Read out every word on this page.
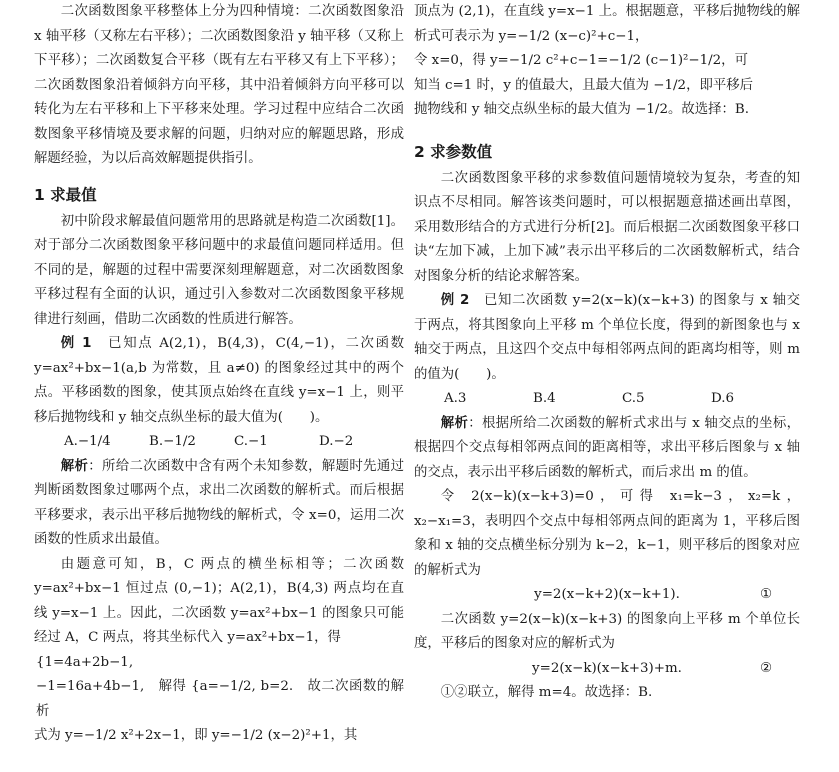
二次函数图象平移整体上分为四种情境：二次函数图象沿 x 轴平移（又称左右平移）；二次函数图象沿 y 轴平移（又称上下平移）；二次函数复合平移（既有左右平移又有上下平移）；二次函数图象沿着倾斜方向平移，其中沿着倾斜方向平移可以转化为左右平移和上下平移来处理。学习过程中应结合二次函数图象平移情境及要求解的问题，归纳对应的解题思路，形成解题经验，为以后高效解题提供指引。

1 求最值

初中阶段求解最值问题常用的思路就是构造二次函数[1]。对于部分二次函数图象平移问题中的求最值问题同样适用。但不同的是，解题的过程中需要深刻理解题意，对二次函数图象平移过程有全面的认识，通过引入参数对二次函数图象平移规律进行刻画，借助二次函数的性质进行解答。

例 1　 已知点 A(2,1)，B(4,3)，C(4,−1)，二次函数 y=ax²+bx−1(a,b 为常数，且 a≠0) 的图象经过其中的两个点。平移函数的图象，使其顶点始终在直线 y=x−1 上，则平移后抛物线和 y 轴交点纵坐标的最大值为(　　)。

A.−1/4	B.−1/2	C.−1	D.−2

解析：所给二次函数中含有两个未知参数，解题时先通过判断函数图象过哪两个点，求出二次函数的解析式。而后根据平移要求，表示出平移后抛物线的解析式，令 x=0，运用二次函数的性质求出最值。

由题意可知，B，C 两点的横坐标相等；二次函数 y=ax²+bx−1 恒过点 (0,−1)；A(2,1)，B(4,3) 两点均在直线 y=x−1 上。因此，二次函数 y=ax²+bx−1 的图象只可能经过 A，C 两点，将其坐标代入 y=ax²+bx−1，得

{1=4a+2b−1,
−1=16a+4b−1,　解得 {a=−1/2, b=2.　故二次函数的解析

式为 y=−1/2 x²+2x−1，即 y=−1/2 (x−2)²+1，其

顶点为 (2,1)，在直线 y=x−1 上。根据题意，平移后抛物线的解析式可表示为 y=−1/2 (x−c)²+c−1，

令 x=0，得 y=−1/2 c²+c−1=−1/2 (c−1)²−1/2，可

知当 c=1 时，y 的值最大，且最大值为 −1/2，即平移后

抛物线和 y 轴交点纵坐标的最大值为 −1/2。故选择：B.

2 求参数值

二次函数图象平移的求参数值问题情境较为复杂，考查的知识点不尽相同。解答该类问题时，可以根据题意描述画出草图，采用数形结合的方式进行分析[2]。而后根据二次函数图象平移口诀“左加下减，上加下减”表示出平移后的二次函数解析式，结合对图象分析的结论求解答案。

例 2　 已知二次函数 y=2(x−k)(x−k+3) 的图象与 x 轴交于两点，将其图象向上平移 m 个单位长度，得到的新图象也与 x 轴交于两点，且这四个交点中每相邻两点间的距离均相等，则 m 的值为(　　)。

A.3	B.4	C.5	D.6

解析：根据所给二次函数的解析式求出与 x 轴交点的坐标，根据四个交点每相邻两点间的距离相等，求出平移后图象与 x 轴的交点，表示出平移后函数的解析式，而后求出 m 的值。

令 2(x−k)(x−k+3)=0，可得 x₁=k−3，x₂=k，x₂−x₁=3，表明四个交点中每相邻两点间的距离为 1，平移后图象和 x 轴的交点横坐标分别为 k−2，k−1，则平移后的图象对应的解析式为

y=2(x−k+2)(x−k+1).	①

二次函数 y=2(x−k)(x−k+3) 的图象向上平移 m 个单位长度，平移后的图象对应的解析式为

y=2(x−k)(x−k+3)+m.	②

①②联立，解得 m=4。故选择：B.
